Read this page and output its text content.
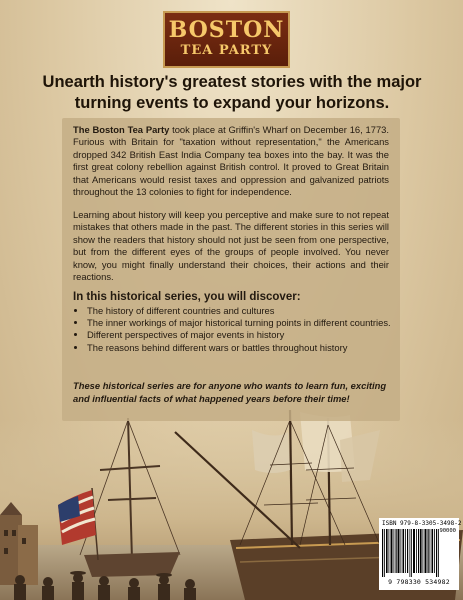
BOSTON
TEA PARTY
Unearth history's greatest stories with the major turning events to expand your horizons.

The Boston Tea Party took place at Griffin's Wharf on December 16, 1773. Furious with Britain for "taxation without representation," the Americans dropped 342 British East India Company tea boxes into the bay. It was the first great colony rebellion against British control. It proved to Great Britain that Americans would resist taxes and oppression and galvanized patriots throughout the 13 colonies to fight for independence.

Learning about history will keep you perceptive and make sure to not repeat mistakes that others made in the past. The different stories in this series will show the readers that history should not just be seen from one perspective, but from the different eyes of the groups of people involved. You never know, you might finally understand their choices, their actions and their reactions.

In this historical series, you will discover:
• The history of different countries and cultures
• The inner workings of major historical turning points in different countries.
• Different perspectives of major events in history
• The reasons behind different wars or battles throughout history

These historical series are for anyone who wants to learn fun, exciting and influential facts of what happened years before their time!

ISBN 979-8-3305-3498-2
90000
9 798330 534982
